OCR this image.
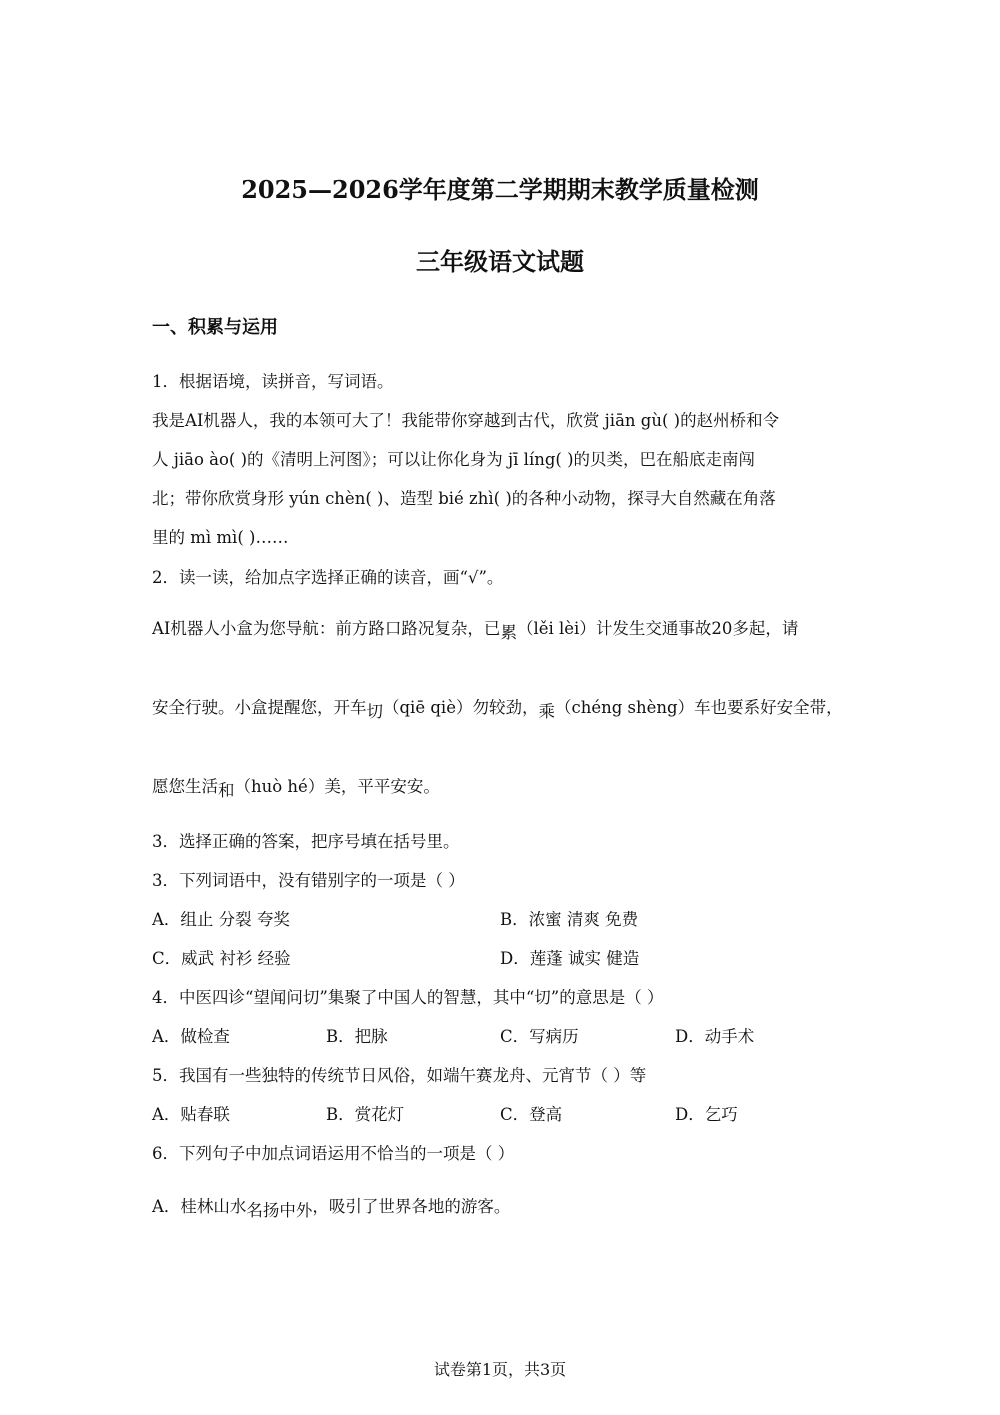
2025—2026学年度第二学期期末教学质量检测
三年级语文试题
一、积累与运用
1．根据语境，读拼音，写词语。
我是AI机器人，我的本领可大了！我能带你穿越到古代，欣赏 jiān gù( )的赵州桥和令
人 jiāo ào( )的《清明上河图》；可以让你化身为 jī líng( )的贝类，巴在船底走南闯
北；带你欣赏身形 yún chèn( )、造型 bié zhì( )的各种小动物，探寻大自然藏在角落
里的 mì mì( )……
2．读一读，给加点字选择正确的读音，画“√”。
AI机器人小盒为您导航：前方路口路况复杂，已累（lěi lèi）计发生交通事故20多起，请
安全行驶。小盒提醒您，开车切（qiē qiè）勿较劲，乘（chéng shèng）车也要系好安全带，
愿您生活和（huò hé）美，平平安安。
3．选择正确的答案，把序号填在括号里。
3．下列词语中，没有错别字的一项是（ ）
A．组止 分裂 夸奖	B．浓蜜 清爽 免费
C．威武 衬衫 经验	D．莲蓬 诚实 健造
4．中医四诊“望闻问切”集聚了中国人的智慧，其中“切”的意思是（ ）
A．做检查	B．把脉	C．写病历	D．动手术
5．我国有一些独特的传统节日风俗，如端午赛龙舟、元宵节（ ）等
A．贴春联	B．赏花灯	C．登高	D．乞巧
6．下列句子中加点词语运用不恰当的一项是（ ）
A．桂林山水名扬中外，吸引了世界各地的游客。
试卷第1页，共3页
